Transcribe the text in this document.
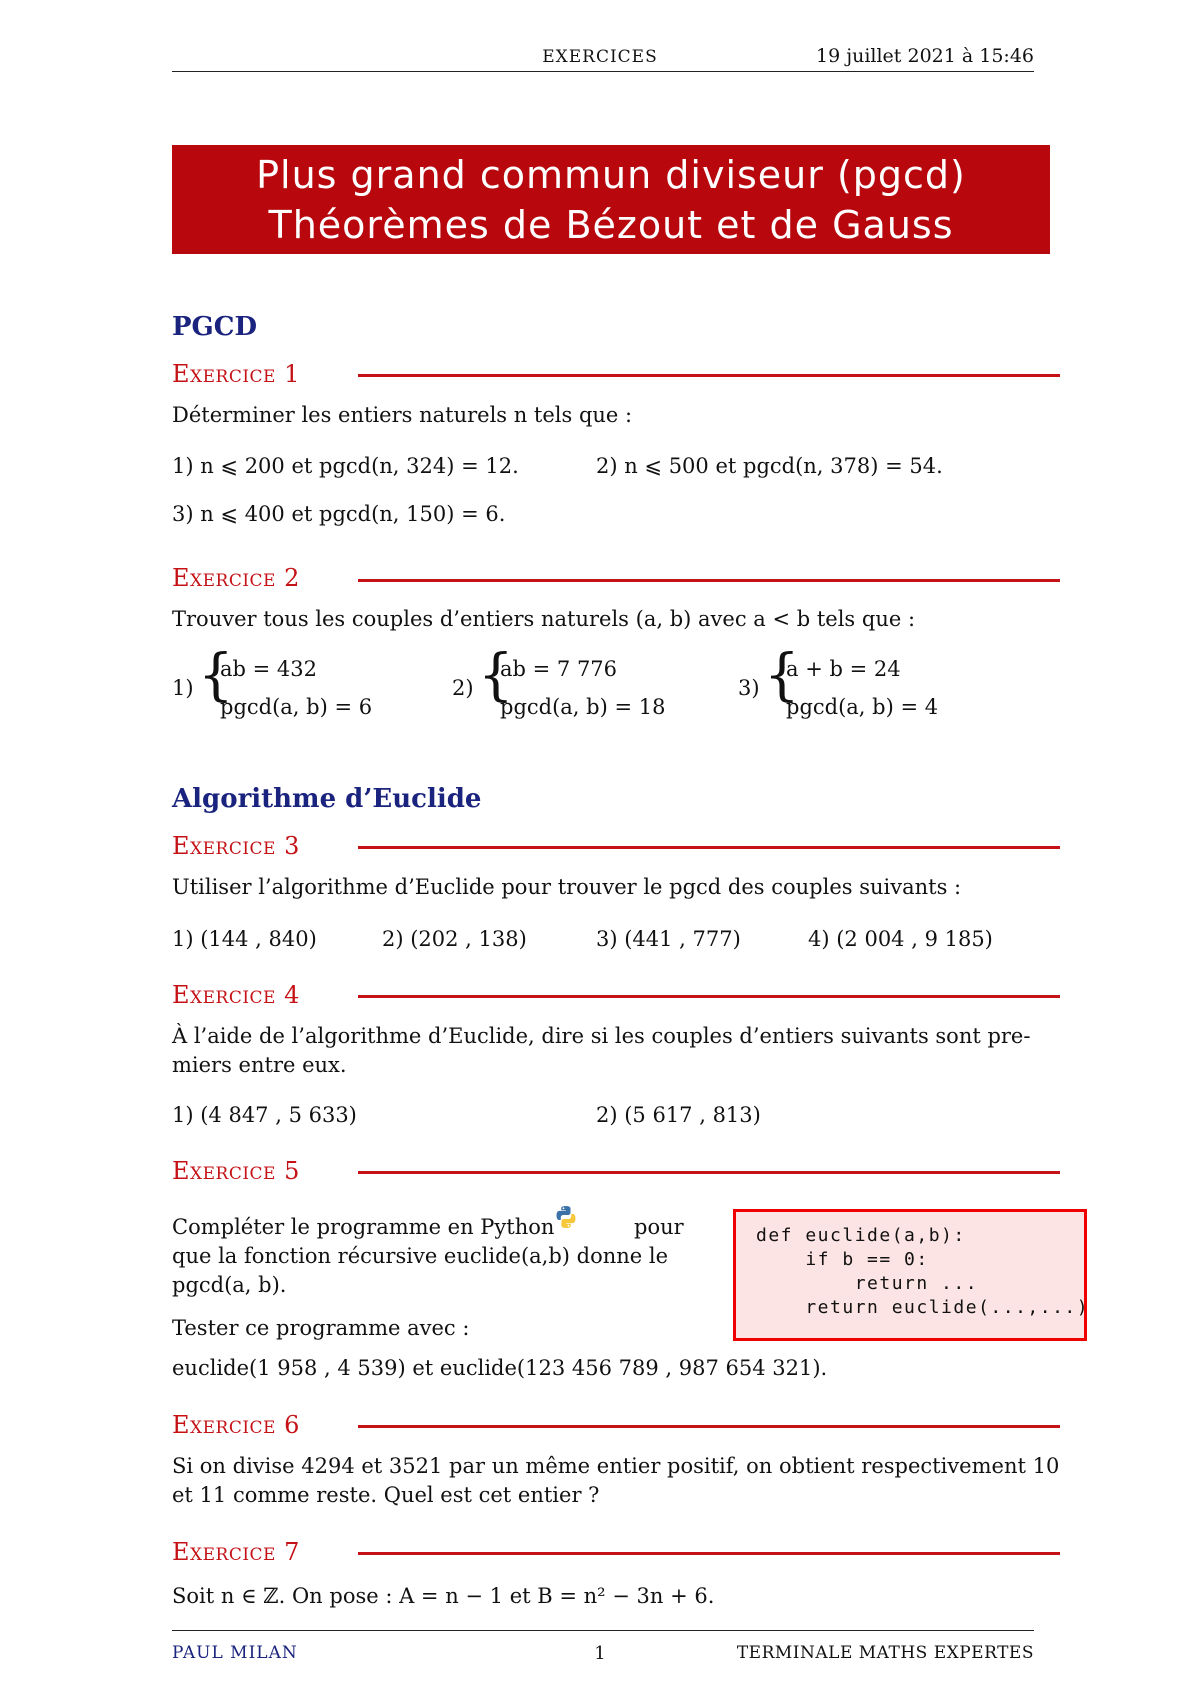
EXERCICES	19 juillet 2021 à 15:46
Plus grand commun diviseur (pgcd)
Théorèmes de Bézout et de Gauss
PGCD
Exercice 1
Déterminer les entiers naturels n tels que :
1) n ⩽ 200 et pgcd(n, 324) = 12.	2) n ⩽ 500 et pgcd(n, 378) = 54.
3) n ⩽ 400 et pgcd(n, 150) = 6.
Exercice 2
Trouver tous les couples d’entiers naturels (a, b) avec a < b tels que :
1) {
ab = 432
pgcd(a, b) = 6
2) {
ab = 7 776
pgcd(a, b) = 18
3) {
a + b = 24
pgcd(a, b) = 4
Algorithme d’Euclide
Exercice 3
Utiliser l’algorithme d’Euclide pour trouver le pgcd des couples suivants :
1) (144 , 840)	2) (202 , 138)	3) (441 , 777)	4) (2 004 , 9 185)
Exercice 4
À l’aide de l’algorithme d’Euclide, dire si les couples d’entiers suivants sont pre-
miers entre eux.
1) (4 847 , 5 633)	2) (5 617 , 813)
Exercice 5
Compléter le programme en Python	pour
que la fonction récursive euclide(a,b) donne le
pgcd(a, b).
Tester ce programme avec :
euclide(1 958 , 4 539) et euclide(123 456 789 , 987 654 321).
def euclide(a,b):
if b == 0:
return ...
return euclide(...,...)
Exercice 6
Si on divise 4294 et 3521 par un même entier positif, on obtient respectivement 10
et 11 comme reste. Quel est cet entier ?
Exercice 7
Soit n ∈ ℤ. On pose : A = n − 1 et B = n² − 3n + 6.
PAUL MILAN	1	TERMINALE MATHS EXPERTES
